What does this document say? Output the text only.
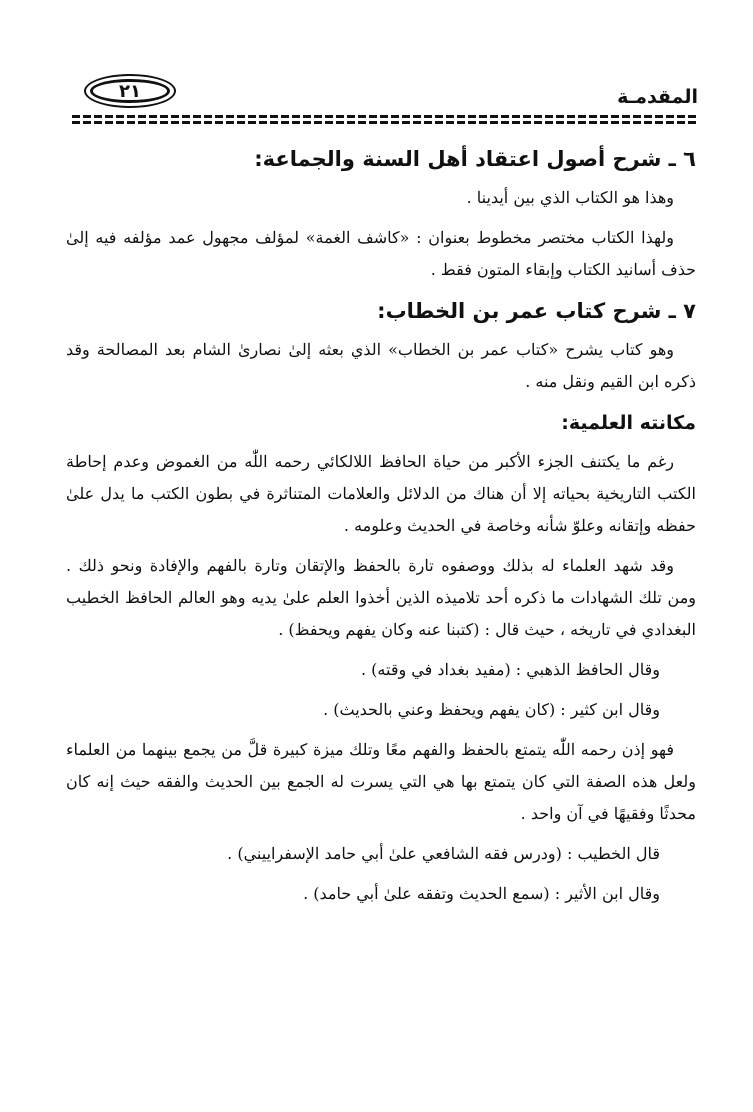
المقدمـة
٢١
٦ ـ شرح أصول اعتقاد أهل السنة والجماعة:

وهذا هو الكتاب الذي بين أيدينا .

ولهذا الكتاب مختصر مخطوط بعنوان : «كاشف الغمة» لمؤلف مجهول عمد مؤلفه فيه إلىٰ حذف أسانيد الكتاب وإبقاء المتون فقط .

٧ ـ شرح كتاب عمر بن الخطاب:

وهو كتاب يشرح «كتاب عمر بن الخطاب» الذي بعثه إلىٰ نصارىٰ الشام بعد المصالحة وقد ذكره ابن القيم ونقل منه .

مكانته العلمية:

رغم ما يكتنف الجزء الأكبر من حياة الحافظ اللالكائي رحمه اللّٰه من الغموض وعدم إحاطة الكتب التاريخية بحياته إلا أن هناك من الدلائل والعلامات المتناثرة في بطون الكتب ما يدل علىٰ حفظه وإتقانه وعلوّ شأنه وخاصة في الحديث وعلومه .

وقد شهد العلماء له بذلك ووصفوه تارة بالحفظ والإتقان وتارة بالفهم والإفادة ونحو ذلك . ومن تلك الشهادات ما ذكره أحد تلاميذه الذين أخذوا العلم علىٰ يديه وهو العالم الحافظ الخطيب البغدادي في تاريخه ، حيث قال : (كتبنا عنه وكان يفهم ويحفظ) .

وقال الحافظ الذهبي : (مفيد بغداد في وقته) .

وقال ابن كثير : (كان يفهم ويحفظ وعني بالحديث) .

فهو إذن رحمه اللّٰه يتمتع بالحفظ والفهم معًا وتلك ميزة كبيرة قلَّ من يجمع بينهما من العلماء ولعل هذه الصفة التي كان يتمتع بها هي التي يسرت له الجمع بين الحديث والفقه حيث إنه كان محدثًا وفقيهًا في آن واحد .

قال الخطيب : (ودرس فقه الشافعي علىٰ أبي حامد الإسفراييني) .

وقال ابن الأثير : (سمع الحديث وتفقه علىٰ أبي حامد) .
